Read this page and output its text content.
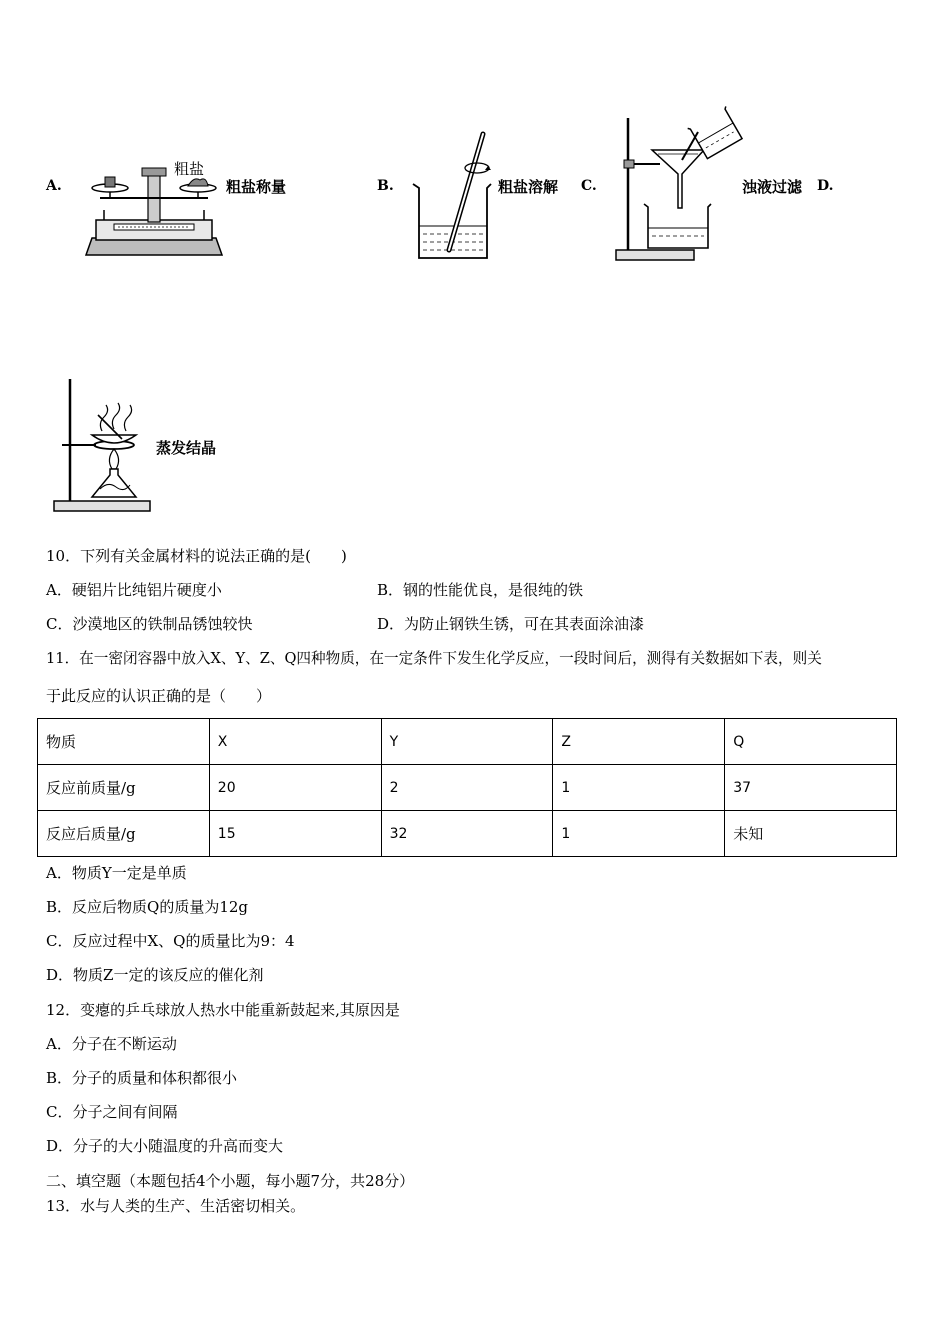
A.
粗盐
粗盐称量	B.	粗盐溶解 C.	浊液过滤 D.
蒸发结晶
10．下列有关金属材料的说法正确的是(　　)
A．硬铝片比纯铝片硬度小	B．钢的性能优良，是很纯的铁
C．沙漠地区的铁制品锈蚀较快	D．为防止钢铁生锈，可在其表面涂油漆
11．在一密闭容器中放入X、Y、Z、Q四种物质，在一定条件下发生化学反应，一段时间后，测得有关数据如下表，则关
于此反应的认识正确的是（　　）
物质	X	Y	Z	Q
反应前质量/g	20	2	1	37
反应后质量/g	15	32	1	未知
A．物质Y一定是单质
B．反应后物质Q的质量为12g
C．反应过程中X、Q的质量比为9：4
D．物质Z一定的该反应的催化剂
12．变瘪的乒乓球放人热水中能重新鼓起来,其原因是
A．分子在不断运动
B．分子的质量和体积都很小
C．分子之间有间隔
D．分子的大小随温度的升高而变大
二、填空题（本题包括4个小题，每小题7分，共28分）
13．水与人类的生产、生活密切相关。
